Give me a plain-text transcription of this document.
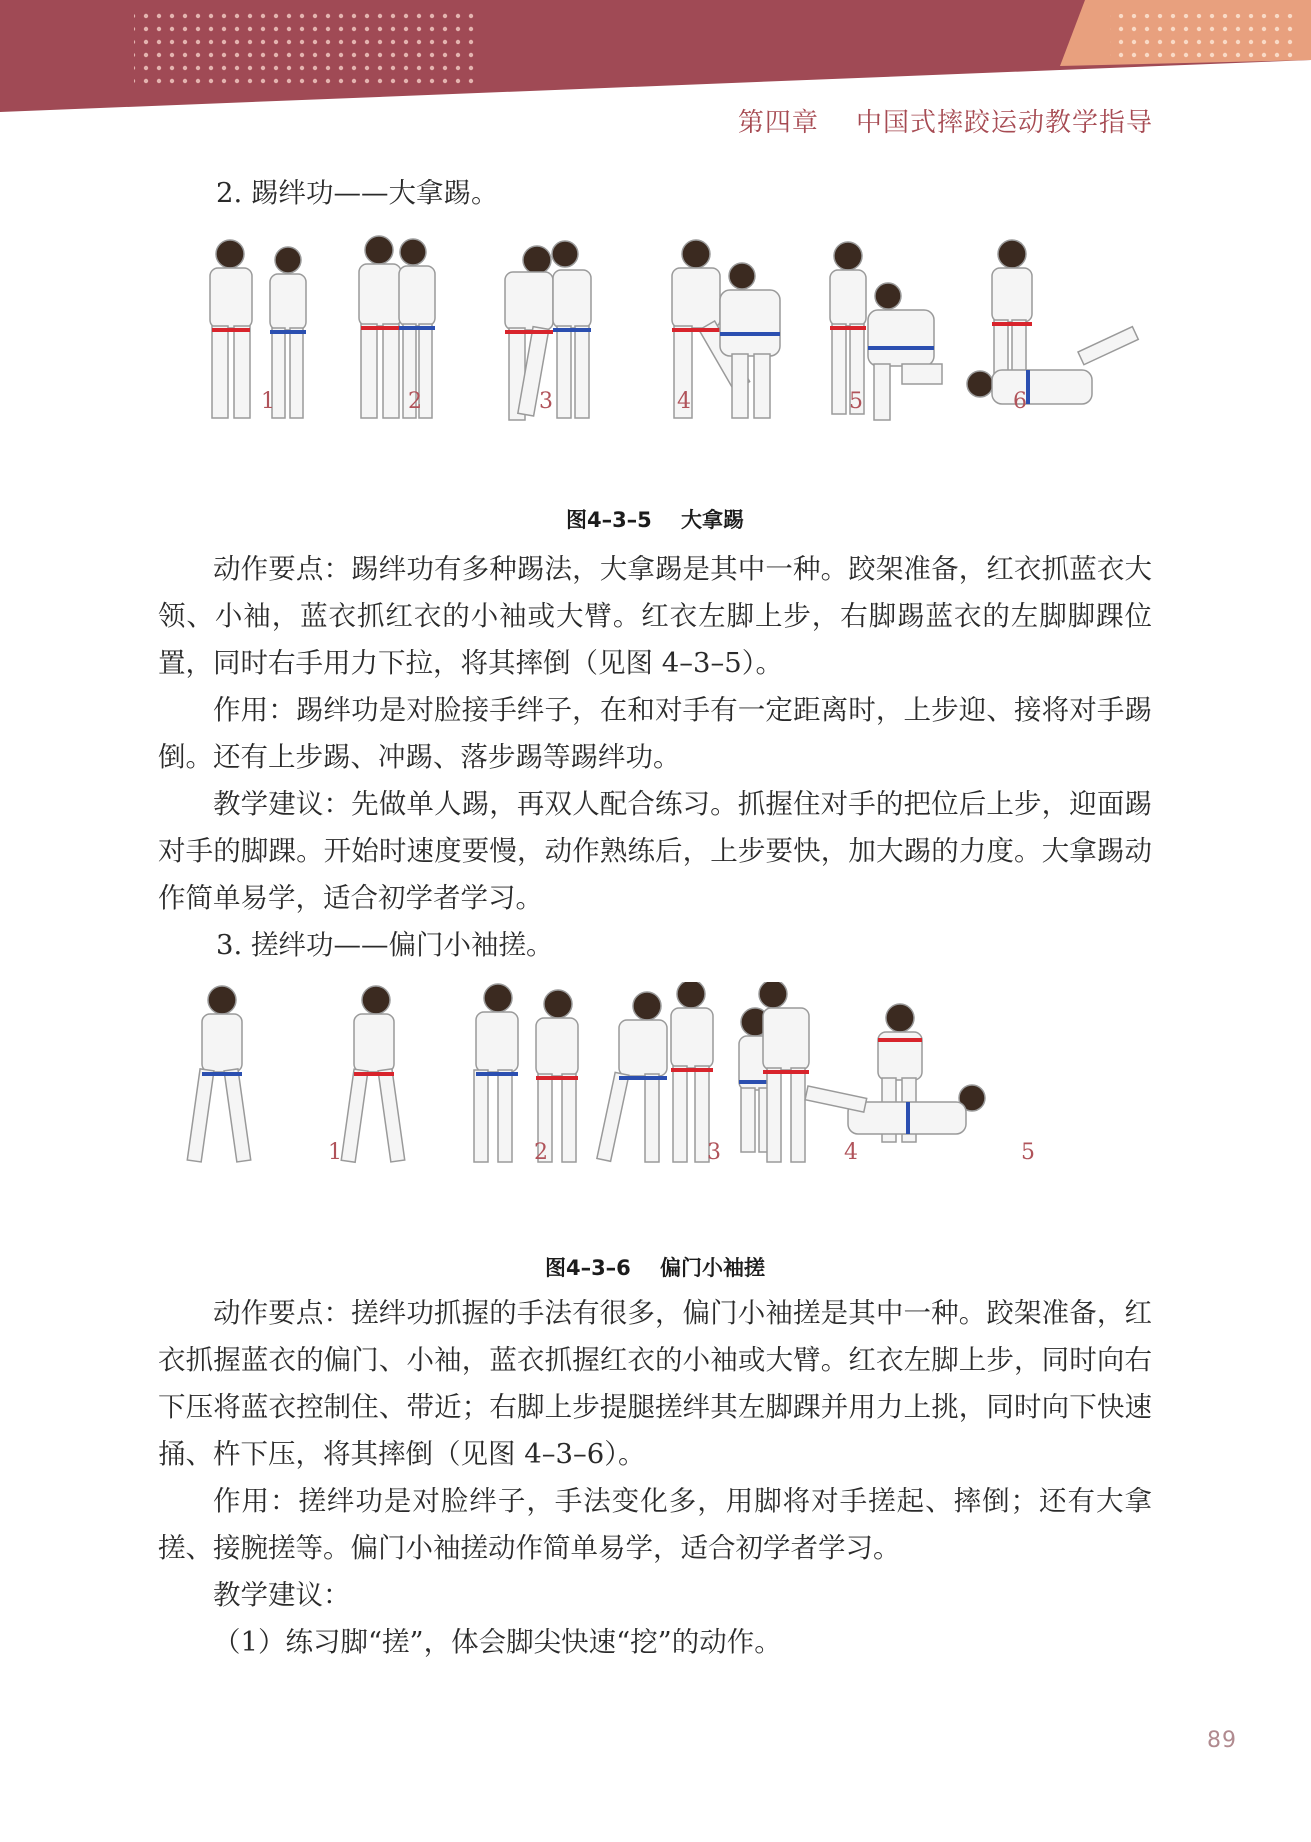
第四章 中国式摔跤运动教学指导

2. 踢绊功——大拿踢。

1	2	3	4	5	6
图4–3–5 大拿踢

动作要点：踢绊功有多种踢法，大拿踢是其中一种。跤架准备，红衣抓蓝衣大领、小袖，蓝衣抓红衣的小袖或大臂。红衣左脚上步，右脚踢蓝衣的左脚脚踝位置，同时右手用力下拉，将其摔倒（见图 4–3–5）。

作用：踢绊功是对脸接手绊子，在和对手有一定距离时，上步迎、接将对手踢倒。还有上步踢、冲踢、落步踢等踢绊功。

教学建议：先做单人踢，再双人配合练习。抓握住对手的把位后上步，迎面踢对手的脚踝。开始时速度要慢，动作熟练后，上步要快，加大踢的力度。大拿踢动作简单易学，适合初学者学习。

3. 搓绊功——偏门小袖搓。

1	2	3	4	5
图4–3–6 偏门小袖搓

动作要点：搓绊功抓握的手法有很多，偏门小袖搓是其中一种。跤架准备，红衣抓握蓝衣的偏门、小袖，蓝衣抓握红衣的小袖或大臂。红衣左脚上步，同时向右下压将蓝衣控制住、带近；右脚上步提腿搓绊其左脚踝并用力上挑，同时向下快速捅、杵下压，将其摔倒（见图 4–3–6）。

作用：搓绊功是对脸绊子，手法变化多，用脚将对手搓起、摔倒；还有大拿搓、接腕搓等。偏门小袖搓动作简单易学，适合初学者学习。

教学建议：

（1）练习脚“搓”，体会脚尖快速“挖”的动作。

89
